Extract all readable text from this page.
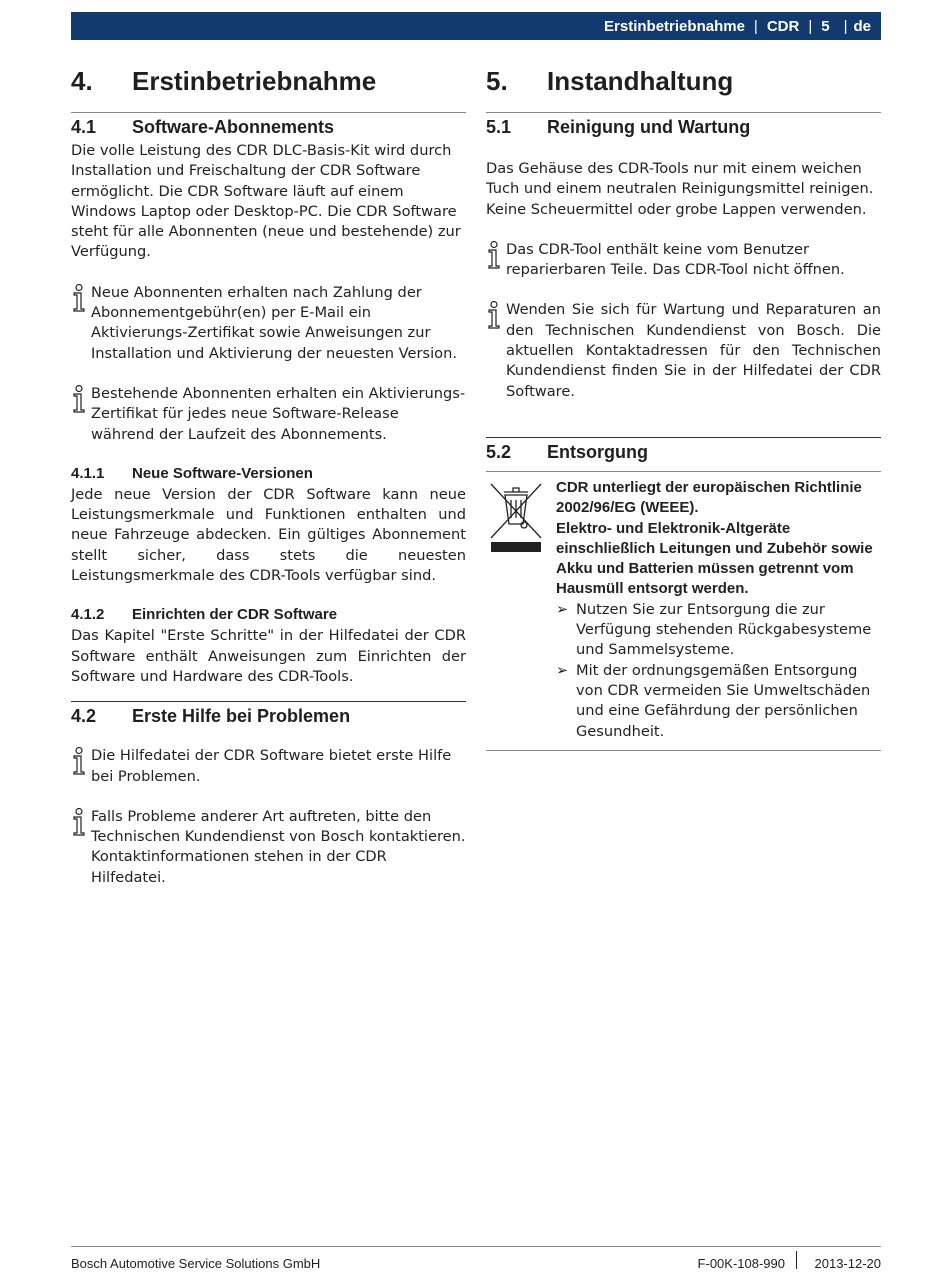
Erstinbetriebnahme | CDR | 5 | de
4.	Erstinbetriebnahme
4.1	Software-Abonnements

Die volle Leistung des CDR DLC-Basis-Kit wird durch Installation und Freischaltung der CDR Software ermöglicht. Die CDR Software läuft auf einem Windows Laptop oder Desktop-PC. Die CDR Software steht für alle Abonnenten (neue und bestehende) zur Verfügung.

Neue Abonnenten erhalten nach Zahlung der Abonnementgebühr(en) per E-Mail ein Aktivierungs-Zertifikat sowie Anweisungen zur Installation und Aktivierung der neuesten Version.
Bestehende Abonnenten erhalten ein Aktivierungs-Zertifikat für jedes neue Software-Release während der Laufzeit des Abonnements.
4.1.1	Neue Software-Versionen

Jede neue Version der CDR Software kann neue Leistungsmerkmale und Funktionen enthalten und neue Fahrzeuge abdecken. Ein gültiges Abonnement stellt sicher, dass stets die neuesten Leistungsmerkmale des CDR-Tools verfügbar sind.

4.1.2	Einrichten der CDR Software

Das Kapitel "Erste Schritte" in der Hilfedatei der CDR Software enthält Anweisungen zum Einrichten der Software und Hardware des CDR-Tools.

4.2	Erste Hilfe bei Problemen
Die Hilfedatei der CDR Software bietet erste Hilfe bei Problemen.
Falls Probleme anderer Art auftreten, bitte den Technischen Kundendienst von Bosch kontaktieren. Kontaktinformationen stehen in der CDR Hilfedatei.
5.	Instandhaltung
5.1	Reinigung und Wartung

Das Gehäuse des CDR-Tools nur mit einem weichen Tuch und einem neutralen Reinigungsmittel reinigen. Keine Scheuermittel oder grobe Lappen verwenden.

Das CDR-Tool enthält keine vom Benutzer reparierbaren Teile. Das CDR-Tool nicht öffnen.
Wenden Sie sich für Wartung und Reparaturen an den Technischen Kundendienst von Bosch. Die aktuellen Kontaktadressen für den Technischen Kundendienst finden Sie in der Hilfedatei der CDR Software.
5.2	Entsorgung
CDR unterliegt der europäischen Richtlinie 2002/96/EG (WEEE).
Elektro- und Elektronik-Altgeräte einschließlich Leitungen und Zubehör sowie Akku und Batterien müssen getrennt vom Hausmüll entsorgt werden.
➢ Nutzen Sie zur Entsorgung die zur Verfügung stehenden Rückgabesysteme und Sammelsysteme.
➢ Mit der ordnungsgemäßen Entsorgung von CDR vermeiden Sie Umweltschäden und eine Gefährdung der persönlichen Gesundheit.
Bosch Automotive Service Solutions GmbH	F-00K-108-990 2013-12-20
